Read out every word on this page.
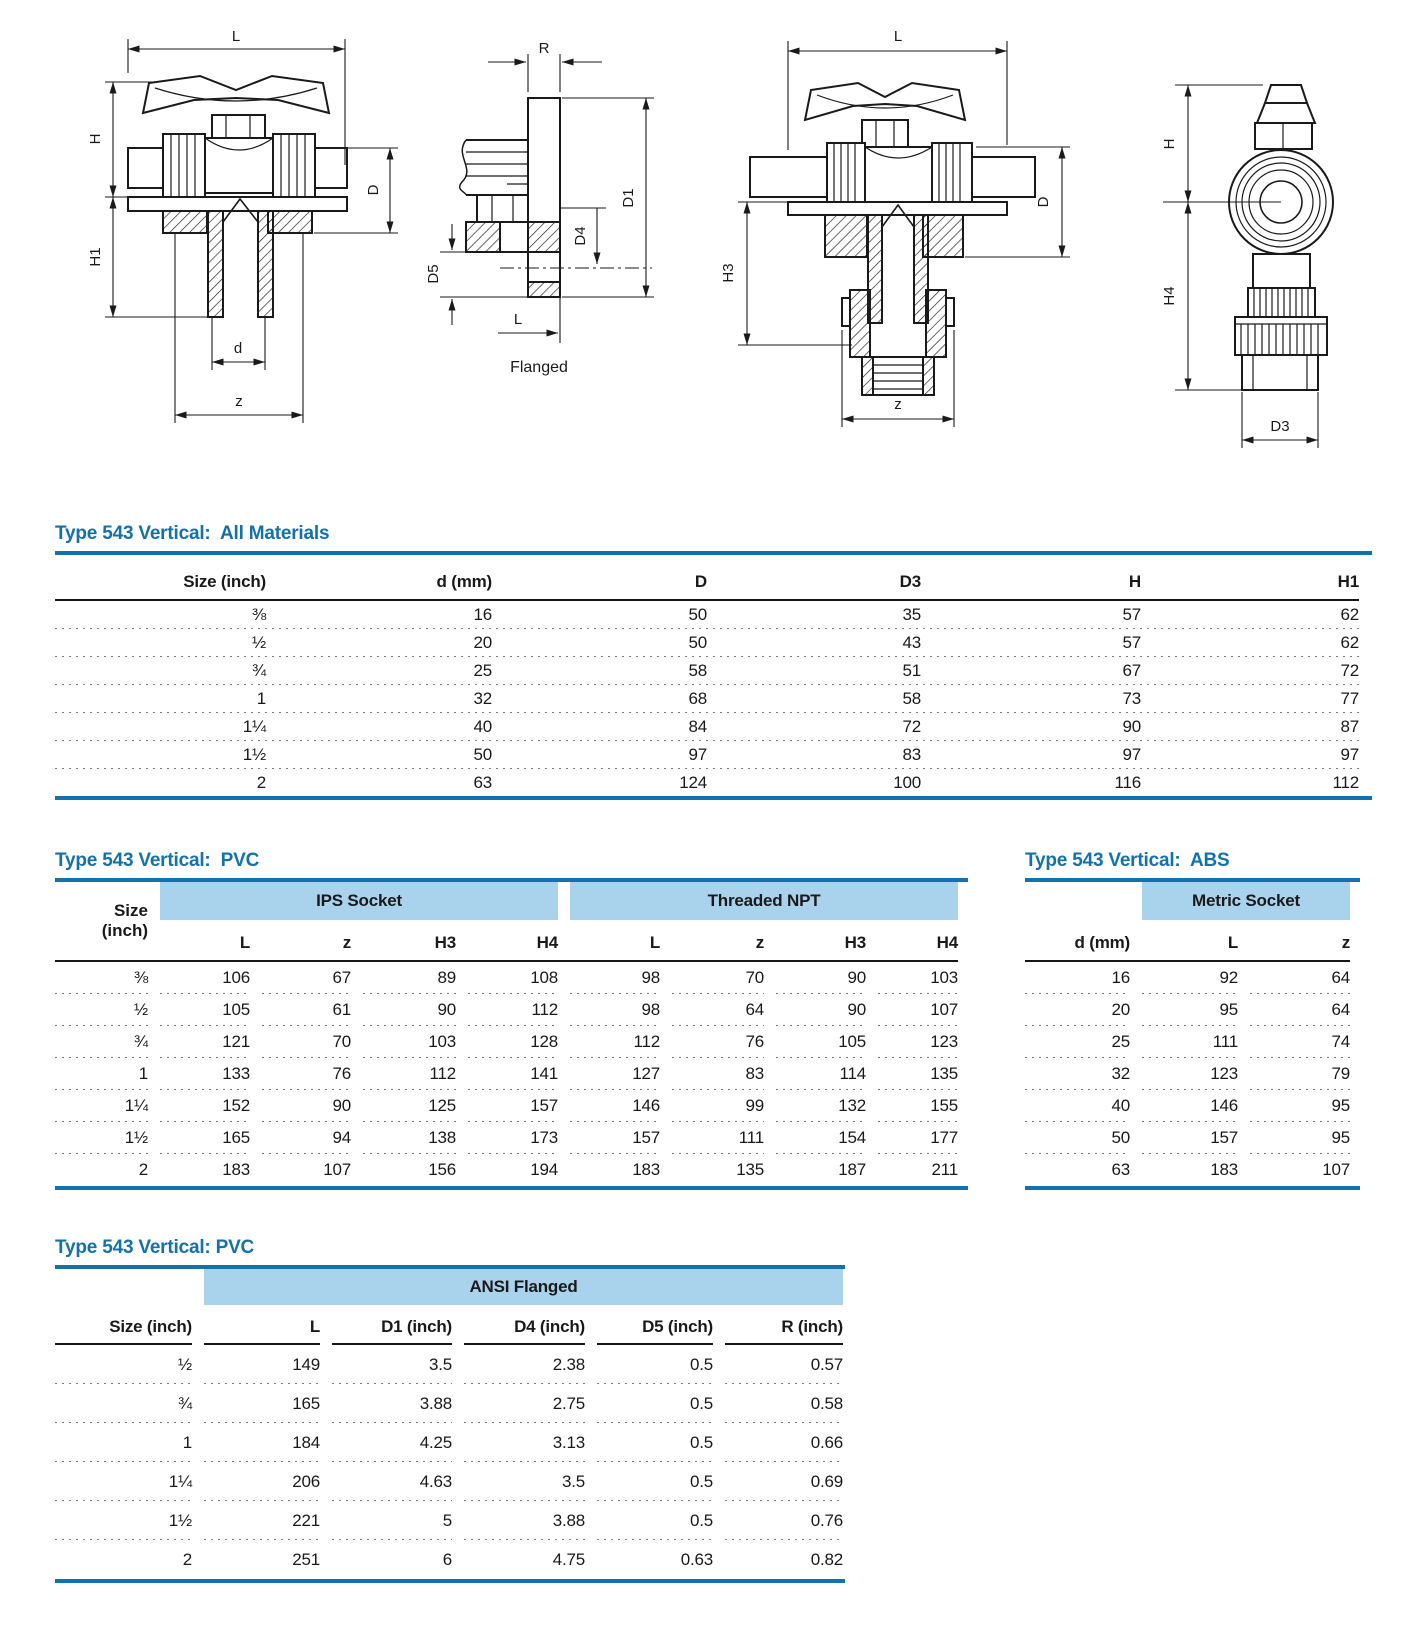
L
H
H1
D
d
z
R
D1
D4
D5
L
Flanged
L
H3
D
z
H
H4
D3
Type 543 Vertical:  All Materials
Size (inch)	d (mm)	D	D3	H	H1
⅜	16	50	35	57	62
½	20	50	43	57	62
¾	25	58	51	67	72
1	32	68	58	73	77
1¼	40	84	72	90	87
1½	50	97	83	97	97
2	63	124	100	116	112
Type 543 Vertical:  PVC
Size
(inch)
IPS Socket	Threaded NPT
L	z	H3	H4	L	z	H3	H4
⅜	106	67	89	108	98	70	90	103
½	105	61	90	112	98	64	90	107
¾	121	70	103	128	112	76	105	123
1	133	76	112	141	127	83	114	135
1¼	152	90	125	157	146	99	132	155
1½	165	94	138	173	157	111	154	177
2	183	107	156	194	183	135	187	211
Type 543 Vertical:  ABS
Metric Socket
d (mm)	L	z
16	92	64
20	95	64
25	111	74
32	123	79
40	146	95
50	157	95
63	183	107
Type 543 Vertical: PVC
ANSI Flanged
Size (inch)	L	D1 (inch)	D4 (inch)	D5 (inch)	R (inch)
½	149	3.5	2.38	0.5	0.57
¾	165	3.88	2.75	0.5	0.58
1	184	4.25	3.13	0.5	0.66
1¼	206	4.63	3.5	0.5	0.69
1½	221	5	3.88	0.5	0.76
2	251	6	4.75	0.63	0.82
